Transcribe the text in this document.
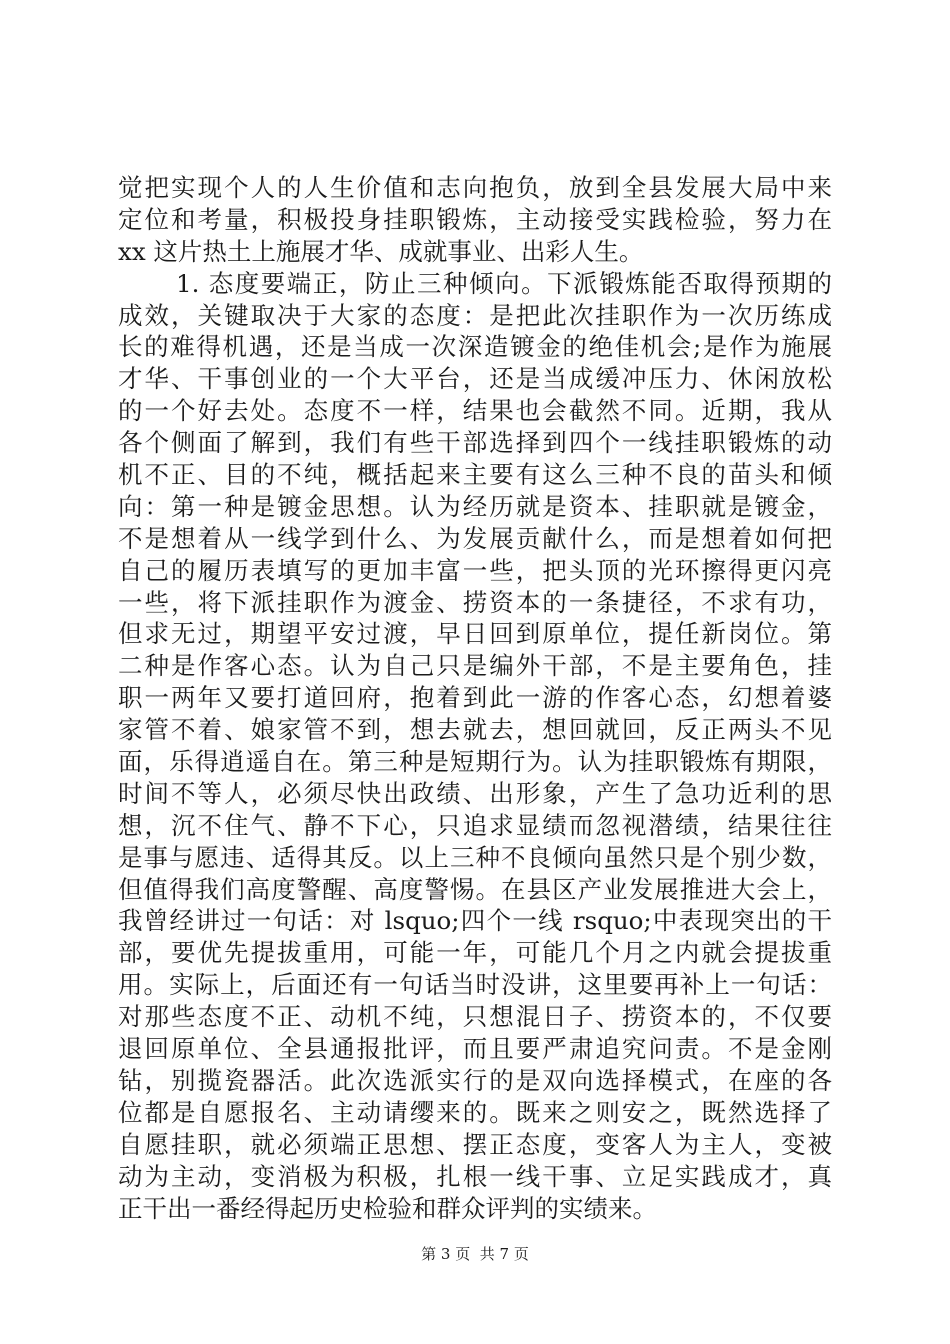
觉把实现个人的人生价值和志向抱负，放到全县发展大局中来
定位和考量，积极投身挂职锻炼，主动接受实践检验，努力在
xx 这片热土上施展才华、成就事业、出彩人生。
1. 态度要端正，防止三种倾向。下派锻炼能否取得预期的
成效，关键取决于大家的态度：是把此次挂职作为一次历练成
长的难得机遇，还是当成一次深造镀金的绝佳机会;是作为施展
才华、干事创业的一个大平台，还是当成缓冲压力、休闲放松
的一个好去处。态度不一样，结果也会截然不同。近期，我从
各个侧面了解到，我们有些干部选择到四个一线挂职锻炼的动
机不正、目的不纯，概括起来主要有这么三种不良的苗头和倾
向：第一种是镀金思想。认为经历就是资本、挂职就是镀金，
不是想着从一线学到什么、为发展贡献什么，而是想着如何把
自己的履历表填写的更加丰富一些，把头顶的光环擦得更闪亮
一些，将下派挂职作为渡金、捞资本的一条捷径，不求有功，
但求无过，期望平安过渡，早日回到原单位，提任新岗位。第
二种是作客心态。认为自己只是编外干部，不是主要角色，挂
职一两年又要打道回府，抱着到此一游的作客心态，幻想着婆
家管不着、娘家管不到，想去就去，想回就回，反正两头不见
面，乐得逍遥自在。第三种是短期行为。认为挂职锻炼有期限，
时间不等人，必须尽快出政绩、出形象，产生了急功近利的思
想，沉不住气、静不下心，只追求显绩而忽视潜绩，结果往往
是事与愿违、适得其反。以上三种不良倾向虽然只是个别少数，
但值得我们高度警醒、高度警惕。在县区产业发展推进大会上，
我曾经讲过一句话：对 lsquo;四个一线 rsquo;中表现突出的干
部，要优先提拔重用，可能一年，可能几个月之内就会提拔重
用。实际上，后面还有一句话当时没讲，这里要再补上一句话：
对那些态度不正、动机不纯，只想混日子、捞资本的，不仅要
退回原单位、全县通报批评，而且要严肃追究问责。不是金刚
钻，别揽瓷器活。此次选派实行的是双向选择模式，在座的各
位都是自愿报名、主动请缨来的。既来之则安之，既然选择了
自愿挂职，就必须端正思想、摆正态度，变客人为主人，变被
动为主动，变消极为积极，扎根一线干事、立足实践成才，真
正干出一番经得起历史检验和群众评判的实绩来。
第 3 页  共 7 页
